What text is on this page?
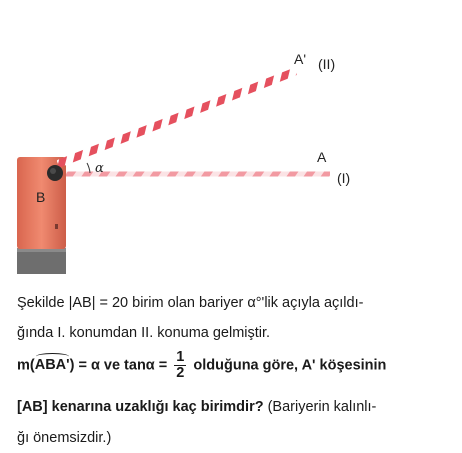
A' (II)
A
(I)
B
α
Şekilde |AB| = 20 birim olan bariyer α°'lik açıyla açıldı-
ğında I. konumdan II. konuma gelmiştir.
m(ABA') = α ve $\tan\alpha = \frac{1}{2}$ olduğuna göre, A' köşesinin
[AB] kenarına uzaklığı kaç birimdir? (Bariyerin kalınlı-
ğı önemsizdir.)
